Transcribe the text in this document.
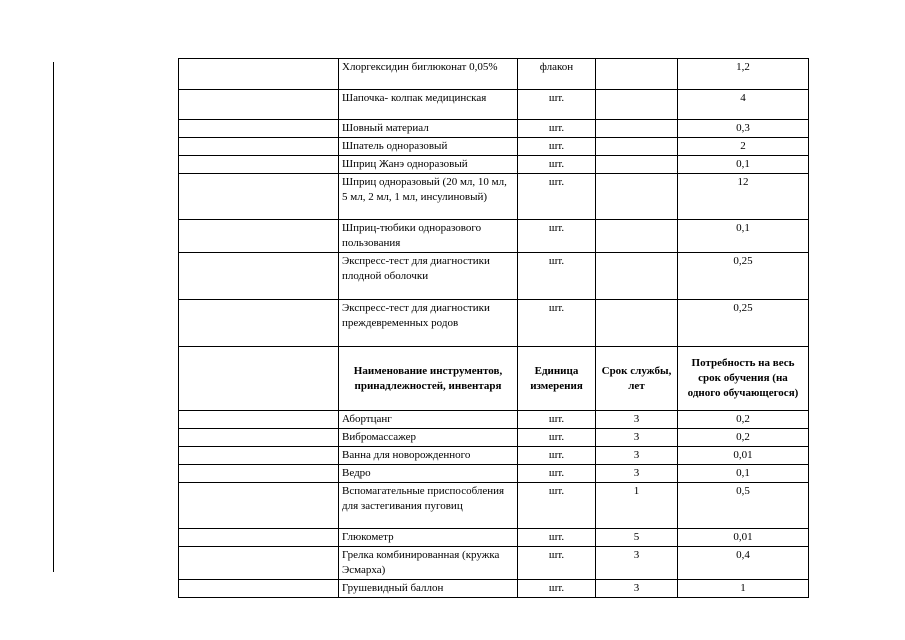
	Хлоргексидин биглюконат 0,05%	флакон		1,2
	Шапочка- колпак медицинская	шт.		4
	Шовный материал	шт.		0,3
	Шпатель одноразовый	шт.		2
	Шприц Жанэ одноразовый	шт.		0,1
	Шприц одноразовый (20 мл, 10 мл, 5 мл, 2 мл, 1 мл, инсулиновый)	шт.		12
	Шприц-тюбики одноразового пользования	шт.		0,1
	Экспресс-тест для диагностики плодной оболочки	шт.		0,25
	Экспресс-тест для диагностики преждевременных родов	шт.		0,25
	Наименование инструментов, принадлежностей, инвентаря	Единица измерения	Срок службы, лет	Потребность на весь срок обучения (на одного обучающегося)
	Абортцанг	шт.	3	0,2
	Вибромассажер	шт.	3	0,2
	Ванна для новорожденного	шт.	3	0,01
	Ведро	шт.	3	0,1
	Вспомагательные приспособления для застегивания пуговиц	шт.	1	0,5
	Глюкометр	шт.	5	0,01
	Грелка комбинированная (кружка Эсмарха)	шт.	3	0,4
	Грушевидный баллон	шт.	3	1
